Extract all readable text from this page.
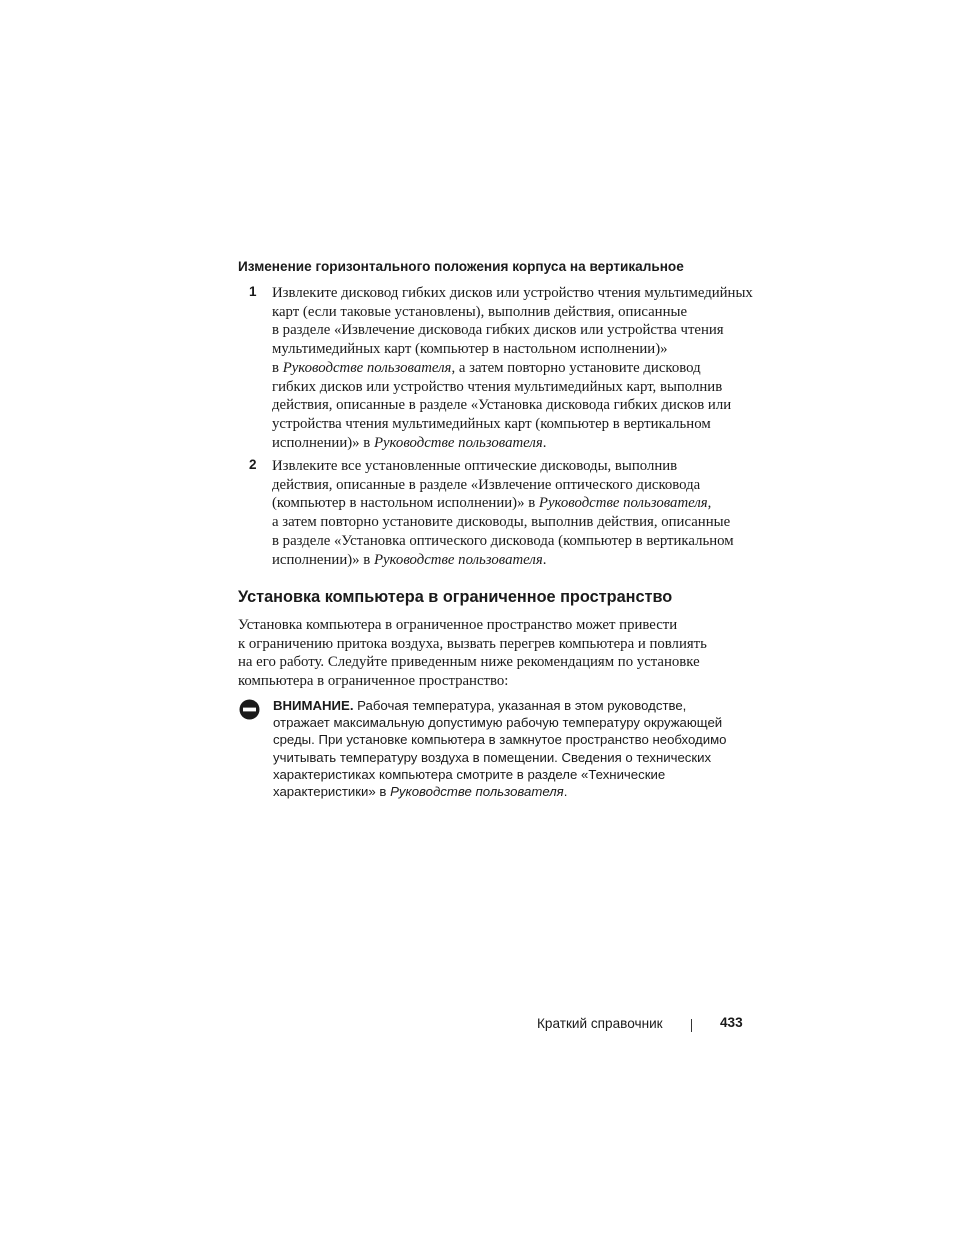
Изменение горизонтального положения корпуса на вертикальное
1 Извлеките дисковод гибких дисков или устройство чтения мультимедийных
карт (если таковые установлены), выполнив действия, описанные
в разделе «Извлечение дисковода гибких дисков или устройства чтения
мультимедийных карт (компьютер в настольном исполнении)»
в Руководстве пользователя, а затем повторно установите дисковод
гибких дисков или устройство чтения мультимедийных карт, выполнив
действия, описанные в разделе «Установка дисковода гибких дисков или
устройства чтения мультимедийных карт (компьютер в вертикальном
исполнении)» в Руководстве пользователя.

2 Извлеките все установленные оптические дисководы, выполнив
действия, описанные в разделе «Извлечение оптического дисковода
(компьютер в настольном исполнении)» в Руководстве пользователя,
а затем повторно установите дисководы, выполнив действия, описанные
в разделе «Установка оптического дисковода (компьютер в вертикальном
исполнении)» в Руководстве пользователя.

Установка компьютера в ограниченное пространство

Установка компьютера в ограниченное пространство может привести
к ограничению притока воздуха, вызвать перегрев компьютера и повлиять
на его работу. Следуйте приведенным ниже рекомендациям по установке
компьютера в ограниченное пространство:

ВНИМАНИЕ. Рабочая температура, указанная в этом руководстве,
отражает максимальную допустимую рабочую температуру окружающей
среды. При установке компьютера в замкнутое пространство необходимо
учитывать температуру воздуха в помещении. Сведения о технических
характеристиках компьютера смотрите в разделе «Технические
характеристики» в Руководстве пользователя.

Краткий справочник	433
